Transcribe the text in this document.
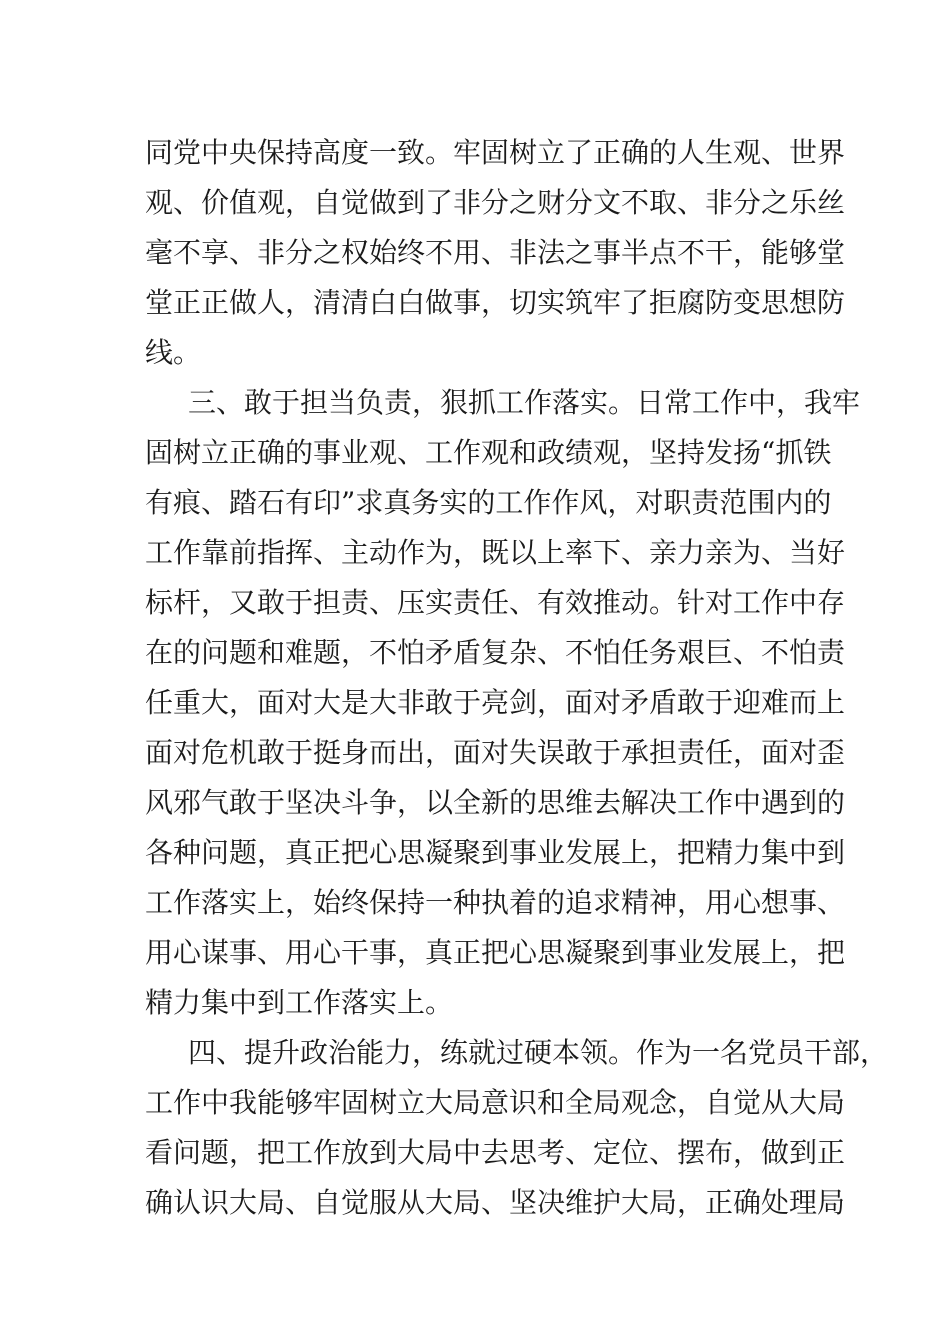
同党中央保持高度一致。牢固树立了正确的人生观、世界
观、价值观，自觉做到了非分之财分文不取、非分之乐丝
毫不享、非分之权始终不用、非法之事半点不干，能够堂
堂正正做人，清清白白做事，切实筑牢了拒腐防变思想防
线。
三、敢于担当负责，狠抓工作落实。日常工作中，我牢
固树立正确的事业观、工作观和政绩观，坚持发扬“抓铁
有痕、踏石有印”求真务实的工作作风，对职责范围内的
工作靠前指挥、主动作为，既以上率下、亲力亲为、当好
标杆，又敢于担责、压实责任、有效推动。针对工作中存
在的问题和难题，不怕矛盾复杂、不怕任务艰巨、不怕责
任重大，面对大是大非敢于亮剑，面对矛盾敢于迎难而上
面对危机敢于挺身而出，面对失误敢于承担责任，面对歪
风邪气敢于坚决斗争，以全新的思维去解决工作中遇到的
各种问题，真正把心思凝聚到事业发展上，把精力集中到
工作落实上，始终保持一种执着的追求精神，用心想事、
用心谋事、用心干事，真正把心思凝聚到事业发展上，把
精力集中到工作落实上。
四、提升政治能力，练就过硬本领。作为一名党员干部，
工作中我能够牢固树立大局意识和全局观念，自觉从大局
看问题，把工作放到大局中去思考、定位、摆布，做到正
确认识大局、自觉服从大局、坚决维护大局，正确处理局
